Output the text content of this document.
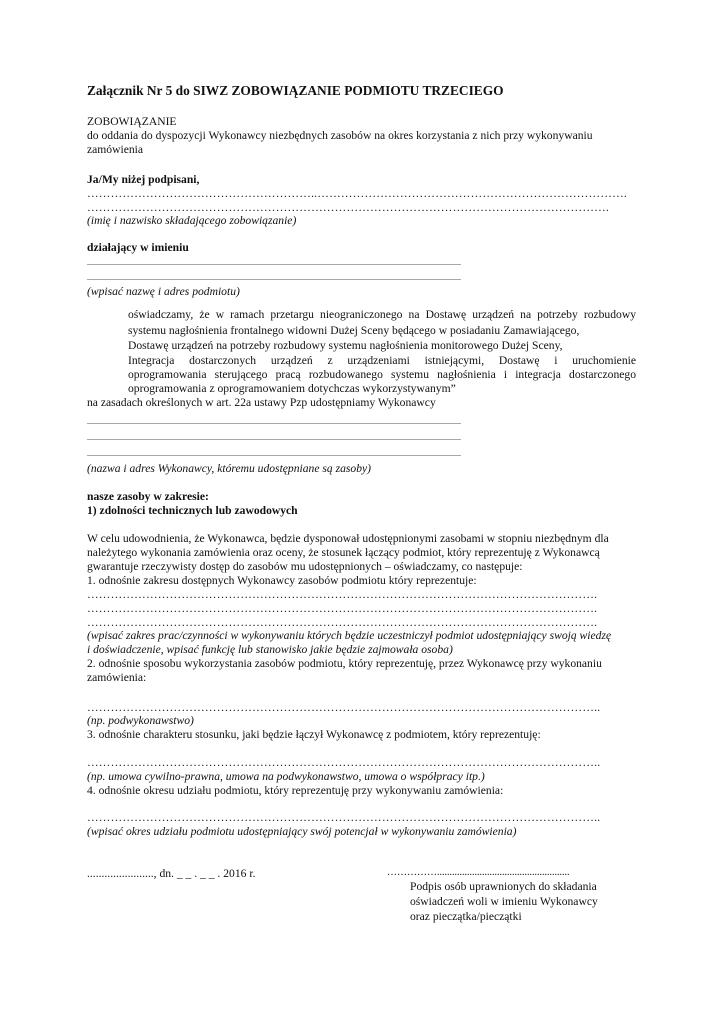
Załącznik Nr 5 do SIWZ ZOBOWIĄZANIE PODMIOTU TRZECIEGO
ZOBOWIĄZANIE
do oddania do dyspozycji Wykonawcy niezbędnych zasobów na okres korzystania z nich przy wykonywaniu
zamówienia
Ja/My niżej podpisani,
…………………………………………………..…………………………………………………………………….
…………………………………………………………………………………………………………………….
(imię i nazwisko składającego zobowiązanie)
działający w imieniu
...........................................................................................................................................................................................
...........................................................................................................................................................................................
(wpisać nazwę i adres podmiotu)
oświadczamy, że w ramach przetargu nieograniczonego na Dostawę urządzeń na potrzeby rozbudowy
systemu nagłośnienia frontalnego widowni Dużej Sceny będącego w posiadaniu Zamawiającego,
Dostawę urządzeń na potrzeby rozbudowy systemu nagłośnienia monitorowego Dużej Sceny,
Integracja dostarczonych urządzeń z urządzeniami istniejącymi, Dostawę i uruchomienie
oprogramowania sterującego pracą rozbudowanego systemu nagłośnienia i integracja dostarczonego
oprogramowania z oprogramowaniem dotychczas wykorzystywanym”
na zasadach określonych w art. 22a ustawy Pzp udostępniamy Wykonawcy
...........................................................................................................................................................................................
...........................................................................................................................................................................................
...........................................................................................................................................................................................
(nazwa i adres Wykonawcy, któremu udostępniane są zasoby)
nasze zasoby w zakresie:
1) zdolności technicznych lub zawodowych
W celu udowodnienia, że Wykonawca, będzie dysponował udostępnionymi zasobami w stopniu niezbędnym dla
należytego wykonania zamówienia oraz oceny, że stosunek łączący podmiot, który reprezentuję z Wykonawcą
gwarantuje rzeczywisty dostęp do zasobów mu udostępnionych – oświadczamy, co następuje:
1. odnośnie zakresu dostępnych Wykonawcy zasobów podmiotu który reprezentuje:
………………………………………………………………………………………………………………….
………………………………………………………………………………………………………………….
………………………………………………………………………………………………………………….
(wpisać zakres prac/czynności w wykonywaniu których będzie uczestniczył podmiot udostępniający swoją wiedzę
i doświadczenie, wpisać funkcję lub stanowisko jakie będzie zajmowała osoba)
2. odnośnie sposobu wykorzystania zasobów podmiotu, który reprezentuję, przez Wykonawcę przy wykonaniu
zamówienia:
…………………………………………………………………………………………………………………..
(np. podwykonawstwo)
3. odnośnie charakteru stosunku, jaki będzie łączył Wykonawcę z podmiotem, który reprezentuję:
…………………………………………………………………………………………………………………..
(np. umowa cywilno-prawna, umowa na podwykonawstwo, umowa o współpracy itp.)
4. odnośnie okresu udziału podmiotu, który reprezentuję przy wykonywaniu zamówienia:
…………………………………………………………………………………………………………………..
(wpisać okres udziału podmiotu udostępniający swój potencjał w wykonywaniu zamówienia)
......................., dn. _ _ . _ _ . 2016 r.	…………….....................................................
Podpis osób uprawnionych do składania
oświadczeń woli w imieniu Wykonawcy
oraz pieczątka/pieczątki
